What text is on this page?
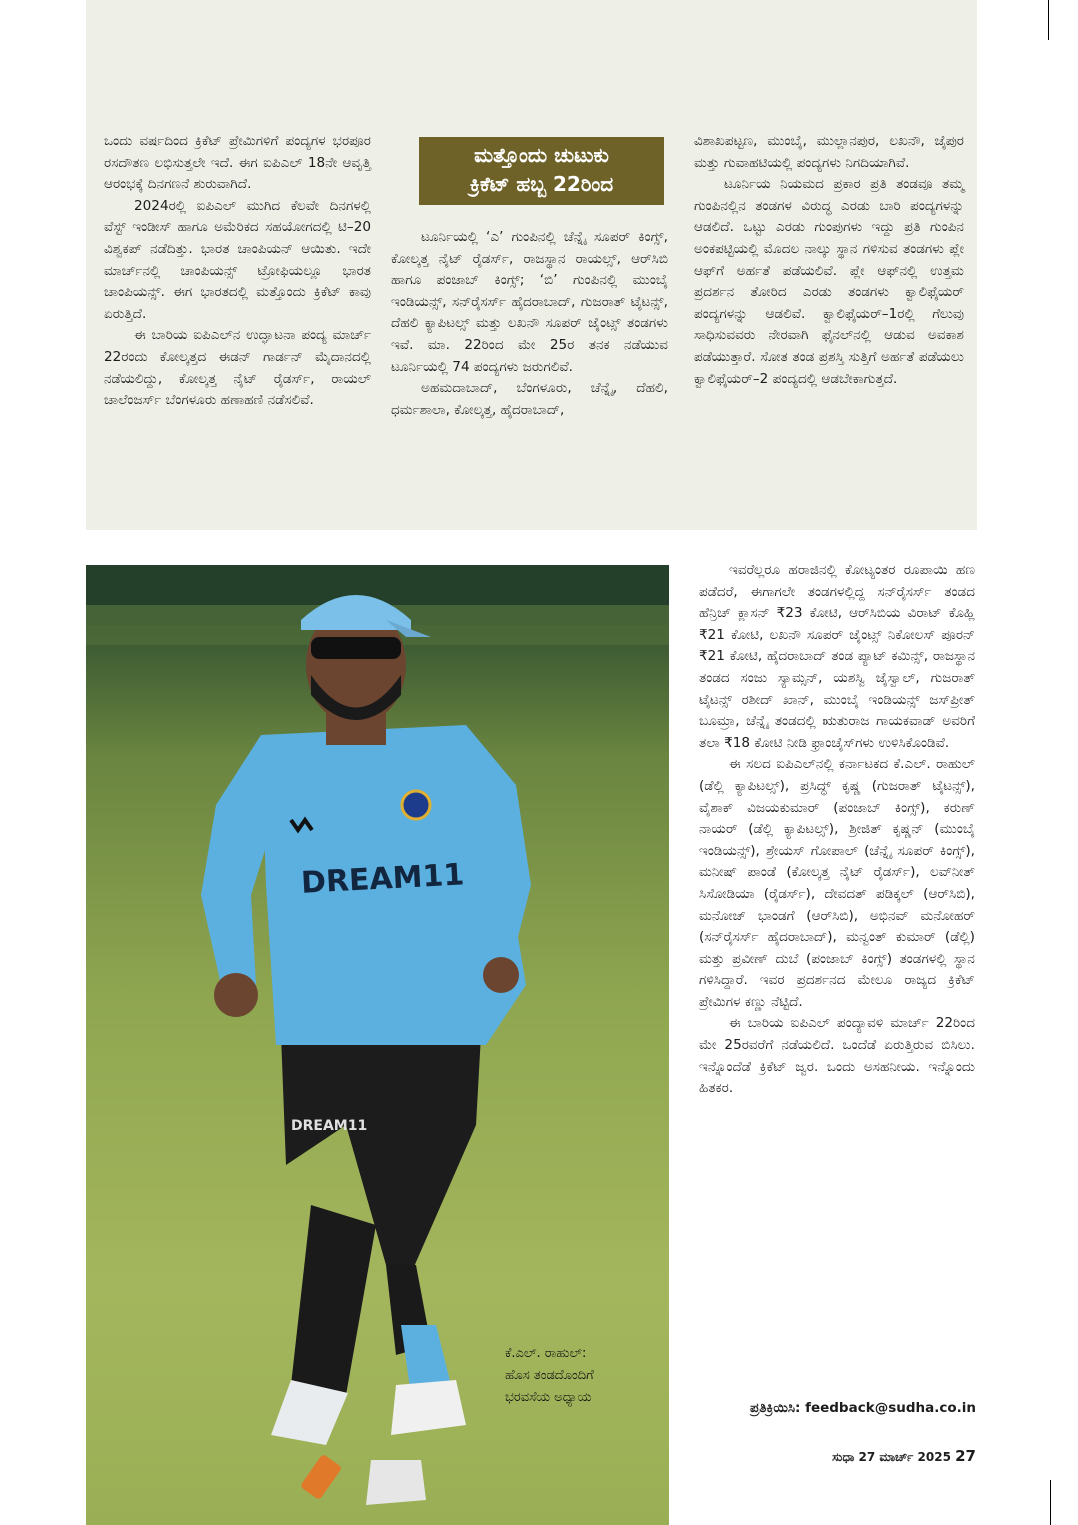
ಒಂದು ವರ್ಷದಿಂದ ಕ್ರಿಕೆಟ್ ಪ್ರೇಮಿಗಳಿಗೆ ಪಂದ್ಯಗಳ ಭರಪೂರ ರಸದೌತಣ ಲಭಿಸುತ್ತಲೇ ಇದೆ. ಈಗ ಐಪಿಎಲ್ 18ನೇ ಆವೃತ್ತಿ ಆರಂಭಕ್ಕೆ ದಿನಗಣನೆ ಶುರುವಾಗಿದೆ.

2024ರಲ್ಲಿ ಐಪಿಎಲ್ ಮುಗಿದ ಕೆಲವೇ ದಿನಗಳಲ್ಲಿ ವೆಸ್ಟ್ ಇಂಡೀಸ್ ಹಾಗೂ ಅಮೆರಿಕದ ಸಹಯೋಗದಲ್ಲಿ ಟಿ–20 ವಿಶ್ವಕಪ್ ನಡೆದಿತ್ತು. ಭಾರತ ಚಾಂಪಿಯನ್ ಆಯಿತು. ಇದೇ ಮಾರ್ಚ್‌ನಲ್ಲಿ ಚಾಂಪಿಯನ್ಸ್ ಟ್ರೋಫಿಯಲ್ಲೂ ಭಾರತ ಚಾಂಪಿಯನ್ಸ್. ಈಗ ಭಾರತದಲ್ಲಿ ಮತ್ತೊಂದು ಕ್ರಿಕೆಟ್ ಕಾವು ಏರುತ್ತಿದೆ.

ಈ ಬಾರಿಯ ಐಪಿಎಲ್‌ನ ಉದ್ಘಾಟನಾ ಪಂದ್ಯ ಮಾರ್ಚ್ 22ರಂದು ಕೋಲ್ಕತ್ತದ ಈಡನ್ ಗಾರ್ಡನ್ ಮೈದಾನದಲ್ಲಿ ನಡೆಯಲಿದ್ದು, ಕೋಲ್ಕತ್ತ ನೈಟ್ ರೈಡರ್ಸ್, ರಾಯಲ್ ಚಾಲೆಂಜರ್ಸ್ ಬೆಂಗಳೂರು ಹಣಾಹಣಿ ನಡೆಸಲಿವೆ.

ಮತ್ತೊಂದು ಚುಟುಕು
ಕ್ರಿಕೆಟ್ ಹಬ್ಬ 22ರಿಂದ

ಟೂರ್ನಿಯಲ್ಲಿ ‘ಎ’ ಗುಂಪಿನಲ್ಲಿ ಚೆನ್ನೈ ಸೂಪರ್ ಕಿಂಗ್ಸ್, ಕೋಲ್ಕತ್ತ ನೈಟ್ ರೈಡರ್ಸ್, ರಾಜಸ್ಥಾನ ರಾಯಲ್ಸ್, ಆರ್‌ಸಿಬಿ ಹಾಗೂ ಪಂಜಾಬ್ ಕಿಂಗ್ಸ್; ‘ಬಿ’ ಗುಂಪಿನಲ್ಲಿ ಮುಂಬೈ ಇಂಡಿಯನ್ಸ್, ಸನ್‌ರೈಸರ್ಸ್ ಹೈದರಾಬಾದ್, ಗುಜರಾತ್ ಟೈಟನ್ಸ್, ದೆಹಲಿ ಕ್ಯಾಪಿಟಲ್ಸ್ ಮತ್ತು ಲಖನೌ ಸೂಪರ್ ಜೈಂಟ್ಸ್ ತಂಡಗಳು ಇವೆ. ಮಾ. 22ರಿಂದ ಮೇ 25ರ ತನಕ ನಡೆಯುವ ಟೂರ್ನಿಯಲ್ಲಿ 74 ಪಂದ್ಯಗಳು ಜರುಗಲಿವೆ.

ಅಹಮದಾಬಾದ್, ಬೆಂಗಳೂರು, ಚೆನ್ನೈ, ದೆಹಲಿ, ಧರ್ಮಶಾಲಾ, ಕೋಲ್ಕತ್ತ, ಹೈದರಾಬಾದ್,

ವಿಶಾಖಪಟ್ಟಣ, ಮುಂಬೈ, ಮುಲ್ಲಾನಪುರ, ಲಖನೌ, ಜೈಪುರ ಮತ್ತು ಗುವಾಹಟಿಯಲ್ಲಿ ಪಂದ್ಯಗಳು ನಿಗದಿಯಾಗಿವೆ.

ಟೂರ್ನಿಯ ನಿಯಮದ ಪ್ರಕಾರ ಪ್ರತಿ ತಂಡವೂ ತಮ್ಮ ಗುಂಪಿನಲ್ಲಿನ ತಂಡಗಳ ವಿರುದ್ಧ ಎರಡು ಬಾರಿ ಪಂದ್ಯಗಳನ್ನು ಆಡಲಿದೆ. ಒಟ್ಟು ಎರಡು ಗುಂಪುಗಳು ಇದ್ದು ಪ್ರತಿ ಗುಂಪಿನ ಅಂಕಪಟ್ಟಿಯಲ್ಲಿ ಮೊದಲ ನಾಲ್ಕು ಸ್ಥಾನ ಗಳಿಸುವ ತಂಡಗಳು ಪ್ಲೇ ಆಫ್‌ಗೆ ಅರ್ಹತೆ ಪಡೆಯಲಿವೆ. ಪ್ಲೇ ಆಫ್‌ನಲ್ಲಿ ಉತ್ತಮ ಪ್ರದರ್ಶನ ತೋರಿದ ಎರಡು ತಂಡಗಳು ಕ್ವಾಲಿಫೈಯರ್ ಪಂದ್ಯಗಳನ್ನು ಆಡಲಿವೆ. ಕ್ವಾಲಿಫೈಯರ್–1ರಲ್ಲಿ ಗೆಲುವು ಸಾಧಿಸುವವರು ನೇರವಾಗಿ ಫೈನಲ್‌ನಲ್ಲಿ ಆಡುವ ಅವಕಾಶ ಪಡೆಯುತ್ತಾರೆ. ಸೋತ ತಂಡ ಪ್ರಶಸ್ತಿ ಸುತ್ತಿಗೆ ಅರ್ಹತೆ ಪಡೆಯಲು ಕ್ವಾಲಿಫೈಯರ್–2 ಪಂದ್ಯದಲ್ಲಿ ಆಡಬೇಕಾಗುತ್ತದೆ.

DREAM11
DREAM11
ಕೆ.ಎಲ್. ರಾಹುಲ್:
ಹೊಸ ತಂಡದೊಂದಿಗೆ
ಭರವಸೆಯ ಅಧ್ಯಾಯ

ಇವರೆಲ್ಲರೂ ಹರಾಜಿನಲ್ಲಿ ಕೋಟ್ಯಂತರ ರೂಪಾಯಿ ಹಣ ಪಡೆದರೆ, ಈಗಾಗಲೇ ತಂಡಗಳಲ್ಲಿದ್ದ ಸನ್‌ರೈಸರ್ಸ್ ತಂಡದ ಹೆನ್ರಿಚ್ ಕ್ಲಾಸನ್ ₹23 ಕೋಟಿ, ಆರ್‌ಸಿಬಿಯ ವಿರಾಟ್ ಕೊಹ್ಲಿ ₹21 ಕೋಟಿ, ಲಖನೌ ಸೂಪರ್ ಜೈಂಟ್ಸ್ ನಿಕೋಲಸ್ ಪೂರನ್ ₹21 ಕೋಟಿ, ಹೈದರಾಬಾದ್ ತಂಡ ಪ್ಯಾಟ್ ಕಮಿನ್ಸ್, ರಾಜಸ್ಥಾನ ತಂಡದ ಸಂಜು ಸ್ಯಾಮ್ಸನ್, ಯಶಸ್ವಿ ಜೈಸ್ವಾಲ್, ಗುಜರಾತ್ ಟೈಟನ್ಸ್ ರಶೀದ್ ಖಾನ್, ಮುಂಬೈ ಇಂಡಿಯನ್ಸ್ ಜಸ್‌ಪ್ರೀತ್ ಬೂಮ್ರಾ, ಚೆನ್ನೈ ತಂಡದಲ್ಲಿ ಋತುರಾಜ ಗಾಯಕವಾಡ್ ಅವರಿಗೆ ತಲಾ ₹18 ಕೋಟಿ ನೀಡಿ ಫ್ರಾಂಚೈಸ್‌ಗಳು ಉಳಿಸಿಕೊಂಡಿವೆ.

ಈ ಸಲದ ಐಪಿಎಲ್‌ನಲ್ಲಿ ಕರ್ನಾಟಕದ ಕೆ.ಎಲ್. ರಾಹುಲ್ (ಡೆಲ್ಲಿ ಕ್ಯಾಪಿಟಲ್ಸ್), ಪ್ರಸಿದ್ಧ್ ಕೃಷ್ಣ (ಗುಜರಾತ್ ಟೈಟನ್ಸ್), ವೈಶಾಕ್ ವಿಜಯಕುಮಾರ್ (ಪಂಜಾಬ್ ಕಿಂಗ್ಸ್), ಕರುಣ್ ನಾಯರ್ (ಡೆಲ್ಲಿ ಕ್ಯಾಪಿಟಲ್ಸ್), ಶ್ರೀಜಿತ್ ಕೃಷ್ಣನ್ (ಮುಂಬೈ ಇಂಡಿಯನ್ಸ್), ಶ್ರೇಯಸ್ ಗೋಪಾಲ್ (ಚೆನ್ನೈ ಸೂಪರ್ ಕಿಂಗ್ಸ್), ಮನೀಷ್ ಪಾಂಡೆ (ಕೋಲ್ಕತ್ತ ನೈಟ್ ರೈಡರ್ಸ್), ಲವ್‌ನೀತ್ ಸಿಸೋಡಿಯಾ (ರೈಡರ್ಸ್), ದೇವದತ್ ಪಡಿಕ್ಕಲ್ (ಆರ್‌ಸಿಬಿ), ಮನೋಜ್ ಭಾಂಡಗೆ (ಆರ್‌ಸಿಬಿ), ಅಭಿನವ್ ಮನೋಹರ್ (ಸನ್‌ರೈಸರ್ಸ್ ಹೈದರಾಬಾದ್), ಮನ್ವಂತ್ ಕುಮಾರ್ (ಡೆಲ್ಲಿ) ಮತ್ತು ಪ್ರವೀಣ್ ದುಬೆ (ಪಂಜಾಬ್ ಕಿಂಗ್ಸ್) ತಂಡಗಳಲ್ಲಿ ಸ್ಥಾನ ಗಳಿಸಿದ್ದಾರೆ. ಇವರ ಪ್ರದರ್ಶನದ ಮೇಲೂ ರಾಜ್ಯದ ಕ್ರಿಕೆಟ್ ಪ್ರೇಮಿಗಳ ಕಣ್ಣು ನೆಟ್ಟಿದೆ.

ಈ ಬಾರಿಯ ಐಪಿಎಲ್ ಪಂದ್ಯಾವಳಿ ಮಾರ್ಚ್ 22ರಿಂದ ಮೇ 25ರವರೆಗೆ ನಡೆಯಲಿದೆ. ಒಂದೆಡೆ ಏರುತ್ತಿರುವ ಬಿಸಿಲು. ಇನ್ನೊಂದೆಡೆ ಕ್ರಿಕೆಟ್ ಜ್ವರ. ಒಂದು ಅಸಹನೀಯ. ಇನ್ನೊಂದು ಹಿತಕರ.

ಪ್ರತಿಕ್ರಿಯಿಸಿ: feedback@sudha.co.in
ಸುಧಾ 27 ಮಾರ್ಚ್ 2025 27
